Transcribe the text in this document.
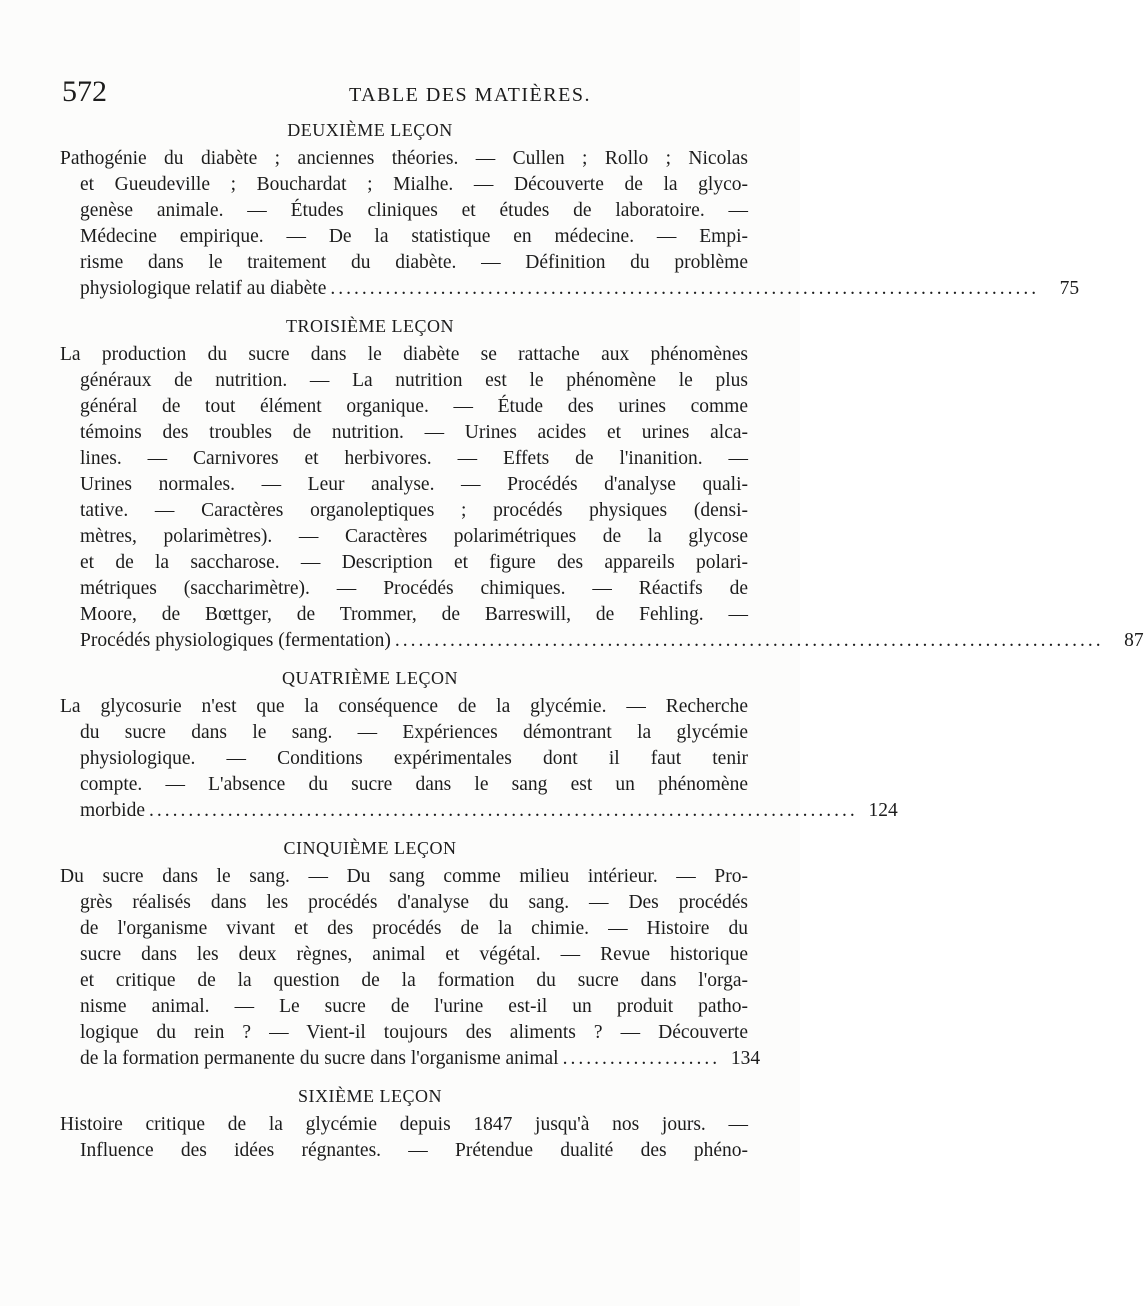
572	TABLE DES MATIÈRES.
DEUXIÈME LEÇON
Pathogénie du diabète ; anciennes théories. — Cullen ; Rollo ; Nicolas
et Gueudeville ; Bouchardat ; Mialhe. — Découverte de la glyco-
genèse animale. — Études cliniques et études de laboratoire. —
Médecine empirique. — De la statistique en médecine. — Empi-
risme dans le traitement du diabète. — Définition du problème
physiologique relatif au diabète ..........................................................................................	75
TROISIÈME LEÇON
La production du sucre dans le diabète se rattache aux phénomènes
généraux de nutrition. — La nutrition est le phénomène le plus
général de tout élément organique. — Étude des urines comme
témoins des troubles de nutrition. — Urines acides et urines alca-
lines. — Carnivores et herbivores. — Effets de l'inanition. —
Urines normales. — Leur analyse. — Procédés d'analyse quali-
tative. — Caractères organoleptiques ; procédés physiques (densi-
mètres, polarimètres). — Caractères polarimétriques de la glycose
et de la saccharose. — Description et figure des appareils polari-
métriques (saccharimètre). — Procédés chimiques. — Réactifs de
Moore, de Bœttger, de Trommer, de Barreswill, de Fehling. —
Procédés physiologiques (fermentation) ..........................................................................................	87
QUATRIÈME LEÇON
La glycosurie n'est que la conséquence de la glycémie. — Recherche
du sucre dans le sang. — Expériences démontrant la glycémie
physiologique. — Conditions expérimentales dont il faut tenir
compte. — L'absence du sucre dans le sang est un phénomène
morbide .......................................................................................... 124
CINQUIÈME LEÇON
Du sucre dans le sang. — Du sang comme milieu intérieur. — Pro-
grès réalisés dans les procédés d'analyse du sang. — Des procédés
de l'organisme vivant et des procédés de la chimie. — Histoire du
sucre dans les deux règnes, animal et végétal. — Revue historique
et critique de la question de la formation du sucre dans l'orga-
nisme animal. — Le sucre de l'urine est-il un produit patho-
logique du rein ? — Vient-il toujours des aliments ? — Découverte
de la formation permanente du sucre dans l'organisme animal .................... 134
SIXIÈME LEÇON
Histoire critique de la glycémie depuis 1847 jusqu'à nos jours. —
Influence des idées régnantes. — Prétendue dualité des phéno-
